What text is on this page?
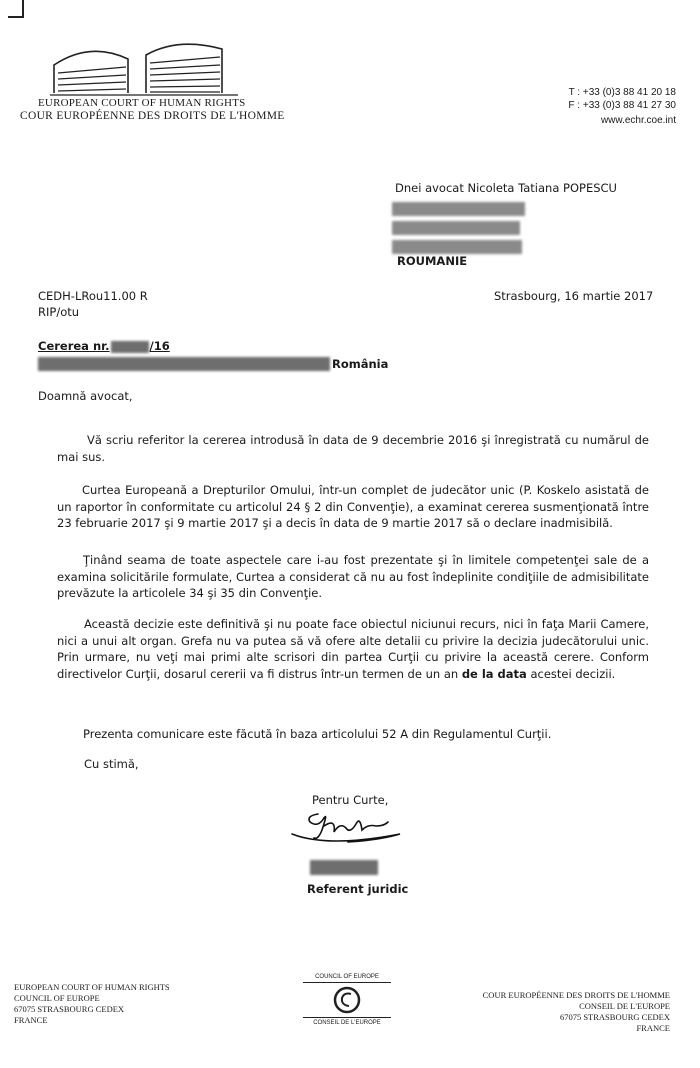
EUROPEAN COURT OF HUMAN RIGHTS
COUR EUROPÉENNE DES DROITS DE L'HOMME
T : +33 (0)3 88 41 20 18
F : +33 (0)3 88 41 27 30
www.echr.coe.int
Dnei avocat Nicoleta Tatiana POPESCU
ROUMANIE
CEDH-LRou11.00 R
RIP/otu
Strasbourg, 16 martie 2017
Cererea nr.	/16
România
Doamnă avocat,
Vă scriu referitor la cererea introdusă în data de 9 decembrie 2016 şi înregistrată cu numărul de mai sus.
Curtea Europeană a Drepturilor Omului, într-un complet de judecător unic (P. Koskelo asistată de un raportor în conformitate cu articolul 24 § 2 din Convenţie), a examinat cererea susmenţionată între 23 februarie 2017 şi 9 martie 2017 şi a decis în data de 9 martie 2017 să o declare inadmisibilă.
Ţinând seama de toate aspectele care i-au fost prezentate şi în limitele competenţei sale de a examina solicitările formulate, Curtea a considerat că nu au fost îndeplinite condiţiile de admisibilitate prevăzute la articolele 34 şi 35 din Convenţie.
Această decizie este definitivă şi nu poate face obiectul niciunui recurs, nici în faţa Marii Camere, nici a unui alt organ. Grefa nu va putea să vă ofere alte detalii cu privire la decizia judecătorului unic. Prin urmare, nu veţi mai primi alte scrisori din partea Curţii cu privire la această cerere. Conform directivelor Curţii, dosarul cererii va fi distrus într-un termen de un an de la data acestei decizii.
Prezenta comunicare este făcută în baza articolului 52 A din Regulamentul Curţii.
Cu stimă,
Pentru Curte,
Referent juridic
EUROPEAN COURT OF HUMAN RIGHTS
COUNCIL OF EUROPE
67075 STRASBOURG CEDEX
FRANCE
COUNCIL OF EUROPE
CONSEIL DE L'EUROPE
COUR EUROPÉENNE DES DROITS DE L'HOMME
CONSEIL DE L'EUROPE
67075 STRASBOURG CEDEX
FRANCE
